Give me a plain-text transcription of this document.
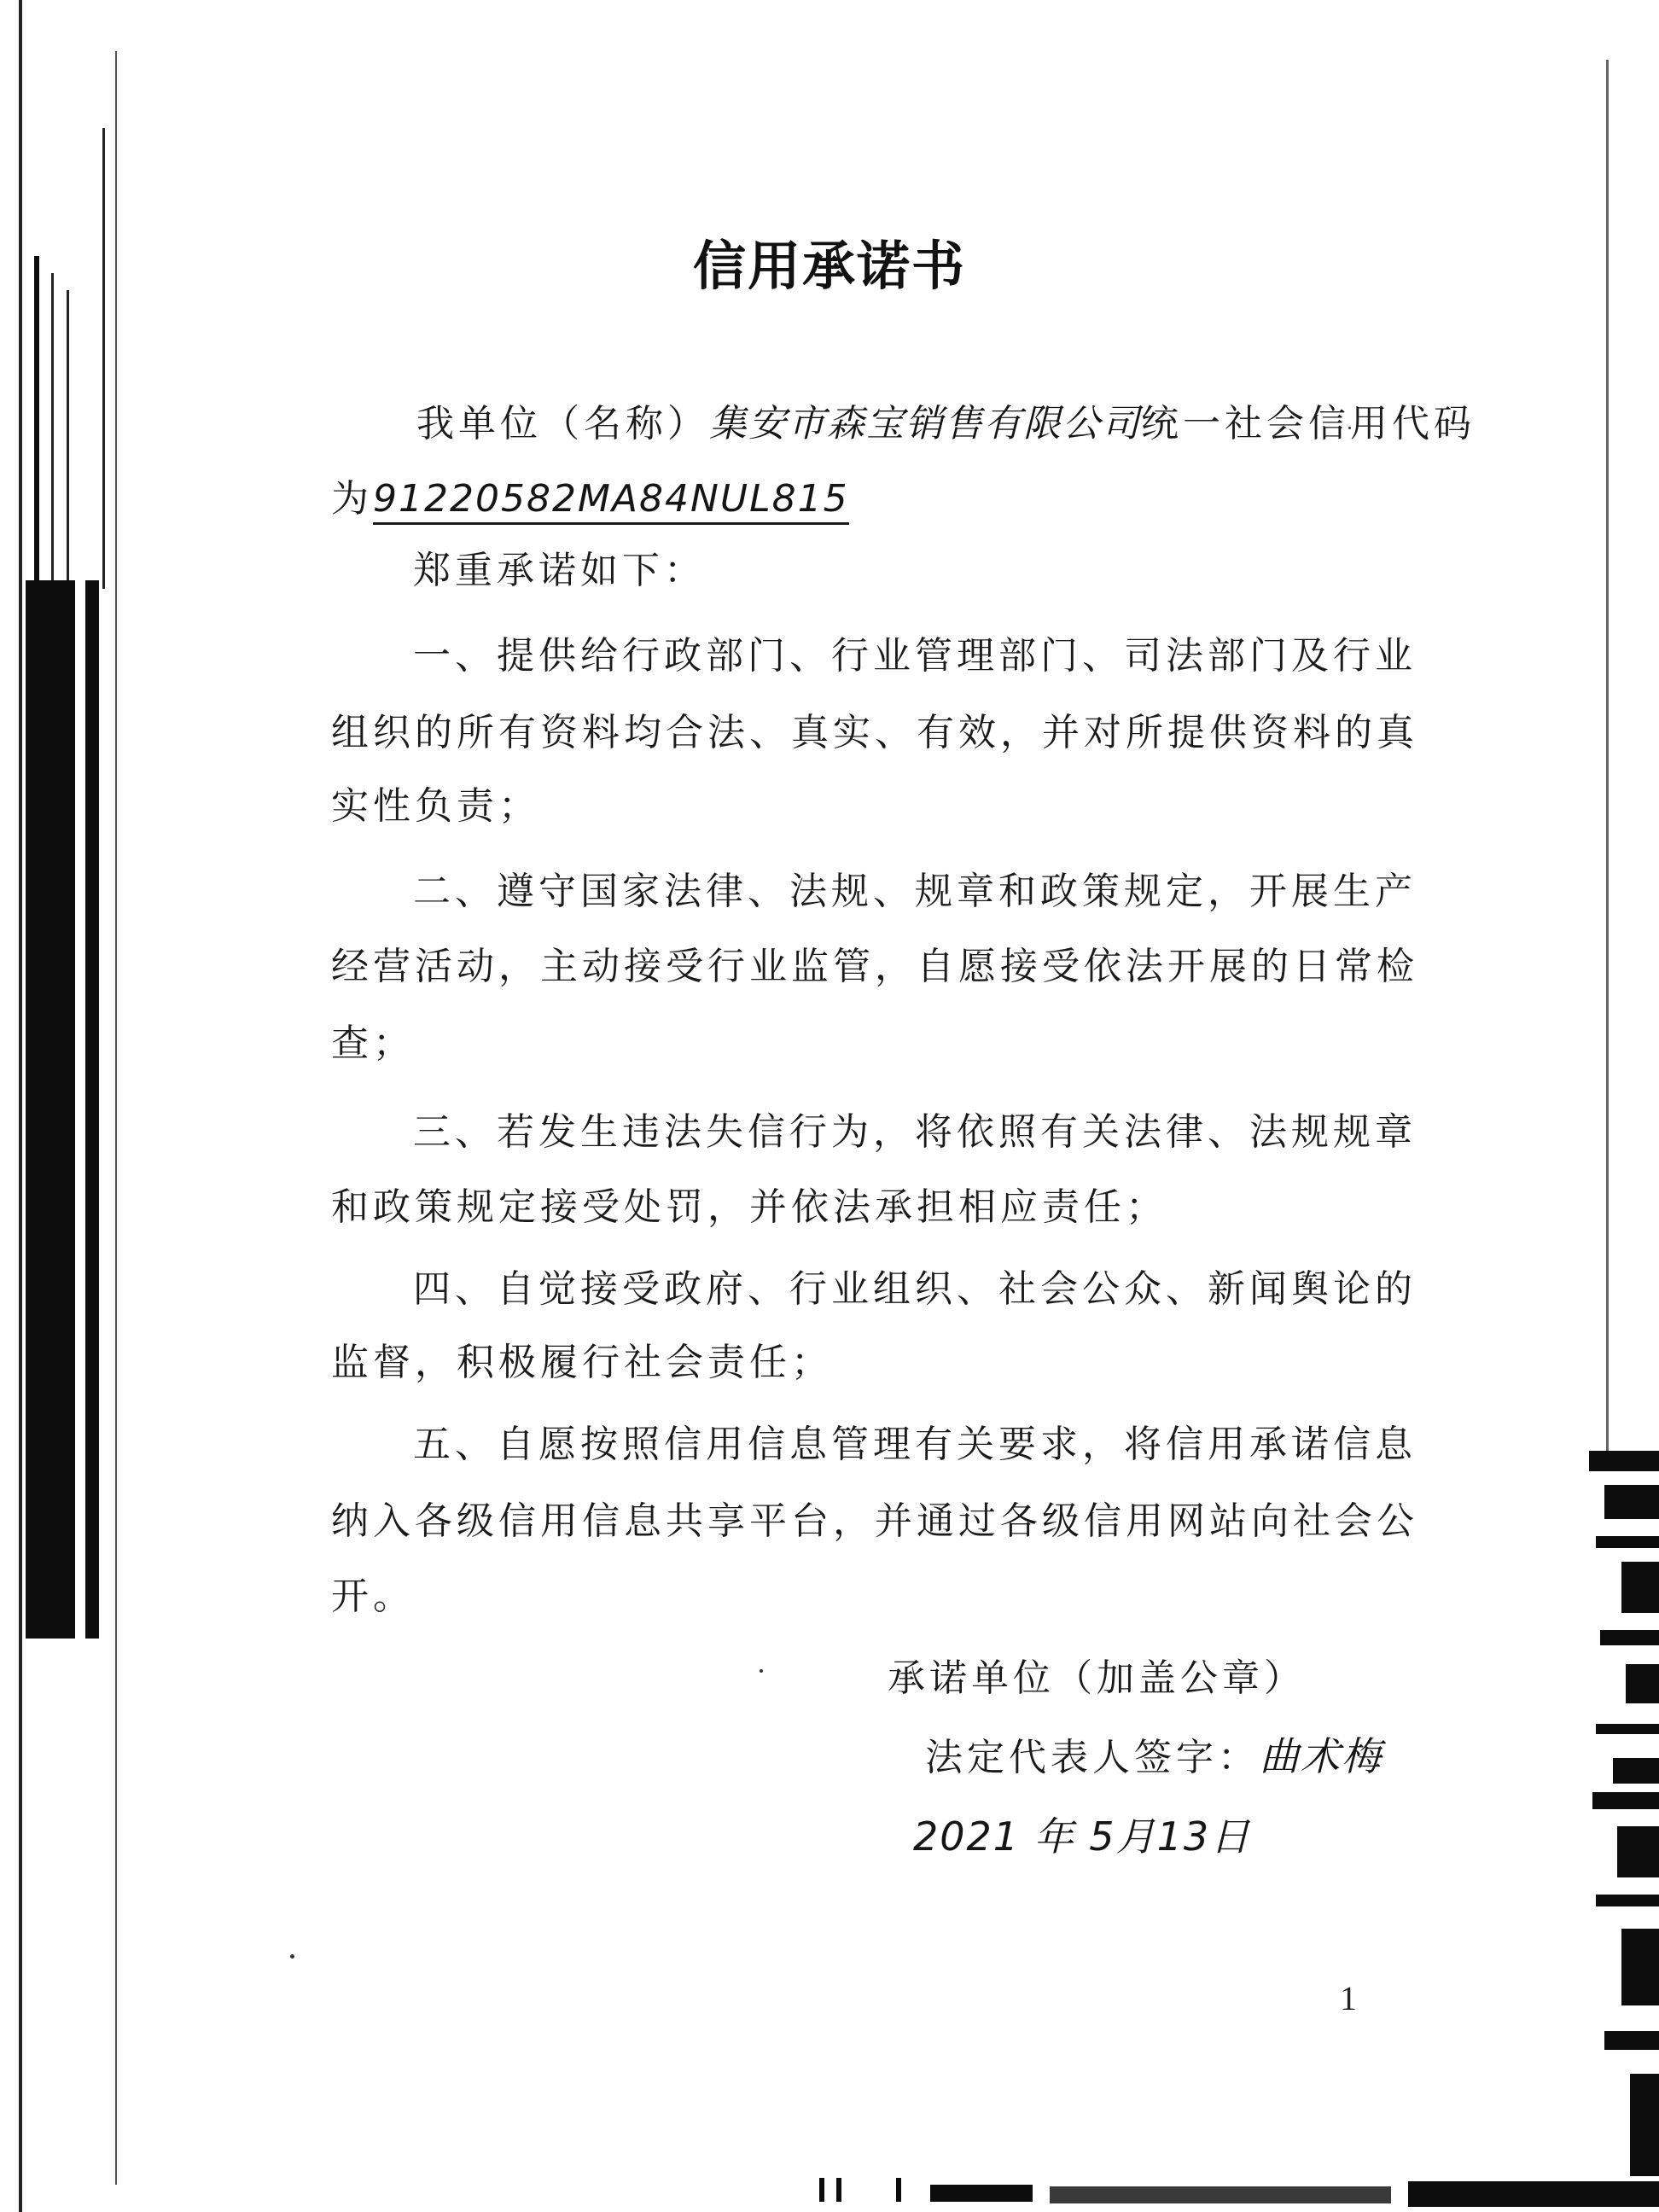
信用承诺书
我单位（名称）集安市森宝销售有限公司统一社会信用代码
为91220582MA84NUL815
郑重承诺如下：
一、提供给行政部门、行业管理部门、司法部门及行业
组织的所有资料均合法、真实、有效，并对所提供资料的真
实性负责；
二、遵守国家法律、法规、规章和政策规定，开展生产
经营活动，主动接受行业监管，自愿接受依法开展的日常检
查；
三、若发生违法失信行为，将依照有关法律、法规规章
和政策规定接受处罚，并依法承担相应责任；
四、自觉接受政府、行业组织、社会公众、新闻舆论的
监督，积极履行社会责任；
五、自愿按照信用信息管理有关要求，将信用承诺信息
纳入各级信用信息共享平台，并通过各级信用网站向社会公
开。
承诺单位（加盖公章）
法定代表人签字：曲术梅
2021 年 5月13日
1
